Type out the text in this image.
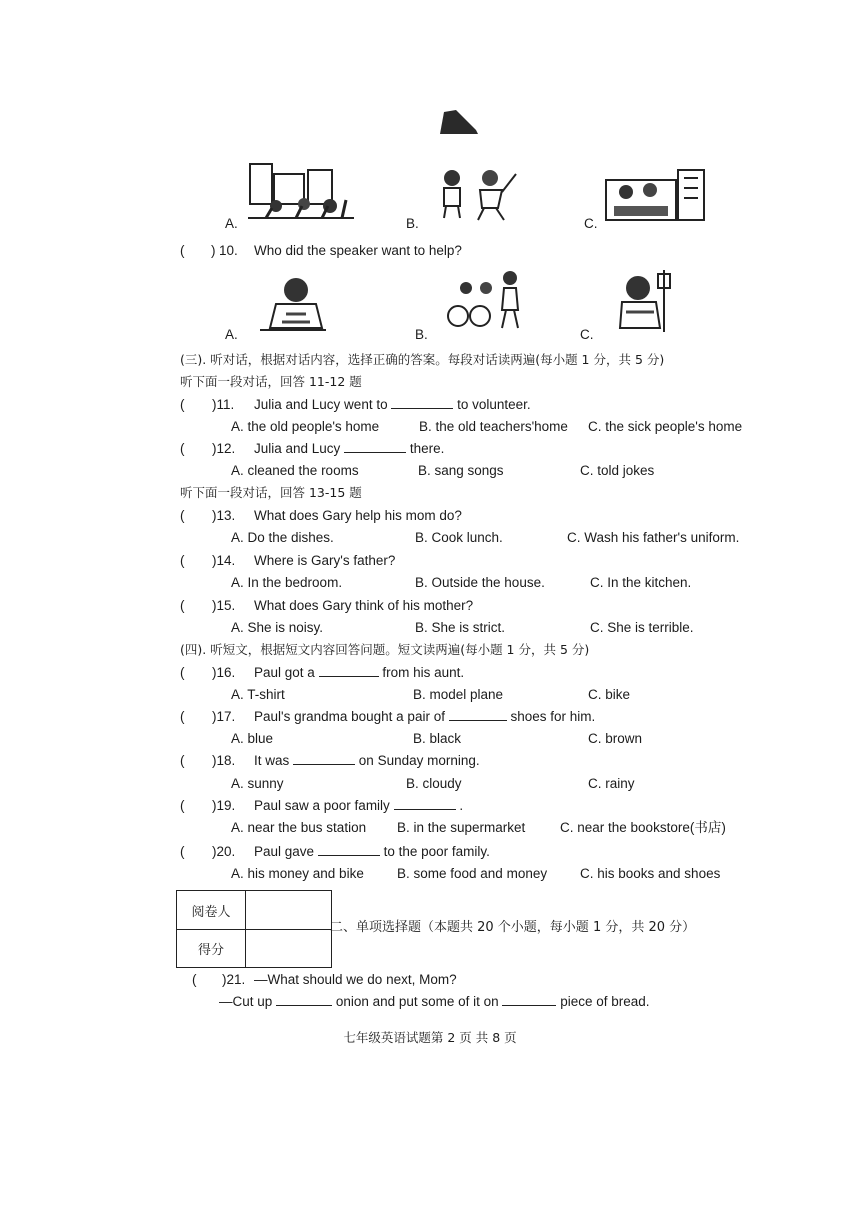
A.	B.	C.
( ) 10. Who did the speaker want to help?
A.	B.	C.
(三). 听对话，根据对话内容，选择正确的答案。每段对话读两遍(每小题 1 分，共 5 分)
听下面一段对话，回答 11-12 题
( )11. Julia and Lucy went to	to volunteer.
A. the old people's home	B. the old teachers'home C. the sick people's home
( )12. Julia and Lucy	there.
A. cleaned the rooms	B. sang songs	C. told jokes
听下面一段对话，回答 13-15 题
( )13. What does Gary help his mom do?
A. Do the dishes.	B. Cook lunch.	C. Wash his father's uniform.
( )14. Where is Gary's father?
A. In the bedroom.	B. Outside the house.	C. In the kitchen.
( )15. What does Gary think of his mother?
A. She is noisy.	B. She is strict.	C. She is terrible.
(四). 听短文，根据短文内容回答问题。短文读两遍(每小题 1 分，共 5 分)
( )16. Paul got a	from his aunt.
A. T-shirt	B. model plane	C. bike
( )17. Paul's grandma bought a pair of	shoes for him.
A. blue	B. black	C. brown
( )18. It was	on Sunday morning.
A. sunny	B. cloudy	C. rainy
( )19. Paul saw a poor family	.
A. near the bus station B. in the supermarket	C. near the bookstore(书店)
( )20. Paul gave	to the poor family.
A. his money and bike B. some food and money C. his books and shoes
阅卷人
得分
二、单项选择题（本题共 20 个小题，每小题 1 分，共 20 分）
( )21. —What should we do next, Mom?
—Cut up	onion and put some of it on	piece of bread.
七年级英语试题第 2 页 共 8 页
